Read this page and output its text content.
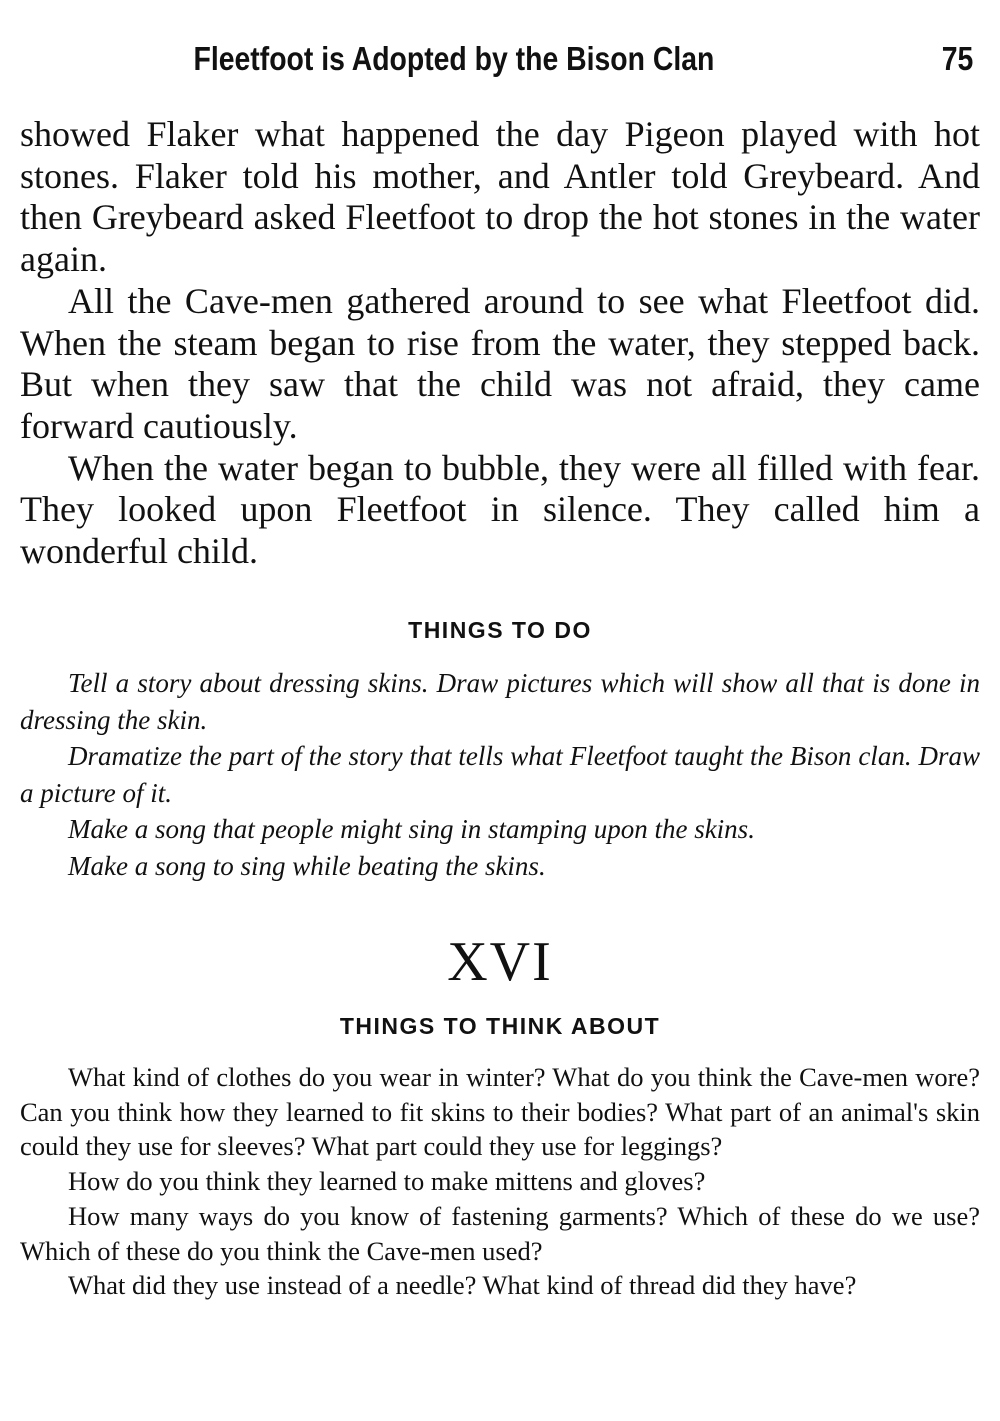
Fleetfoot is Adopted by the Bison Clan	75

showed Flaker what happened the day Pigeon played with hot stones. Flaker told his mother, and Antler told Greybeard. And then Greybeard asked Fleetfoot to drop the hot stones in the water again.

All the Cave-men gathered around to see what Fleetfoot did. When the steam began to rise from the water, they stepped back. But when they saw that the child was not afraid, they came forward cautiously.

When the water began to bubble, they were all filled with fear. They looked upon Fleetfoot in silence. They called him a wonderful child.

THINGS TO DO

Tell a story about dressing skins. Draw pictures which will show all that is done in dressing the skin.

Dramatize the part of the story that tells what Fleetfoot taught the Bison clan. Draw a picture of it.

Make a song that people might sing in stamping upon the skins.

Make a song to sing while beating the skins.

XVI
THINGS TO THINK ABOUT

What kind of clothes do you wear in winter? What do you think the Cave-men wore? Can you think how they learned to fit skins to their bodies? What part of an animal's skin could they use for sleeves? What part could they use for leggings?

How do you think they learned to make mittens and gloves?

How many ways do you know of fastening garments? Which of these do we use? Which of these do you think the Cave-men used?

What did they use instead of a needle? What kind of thread did they have?
